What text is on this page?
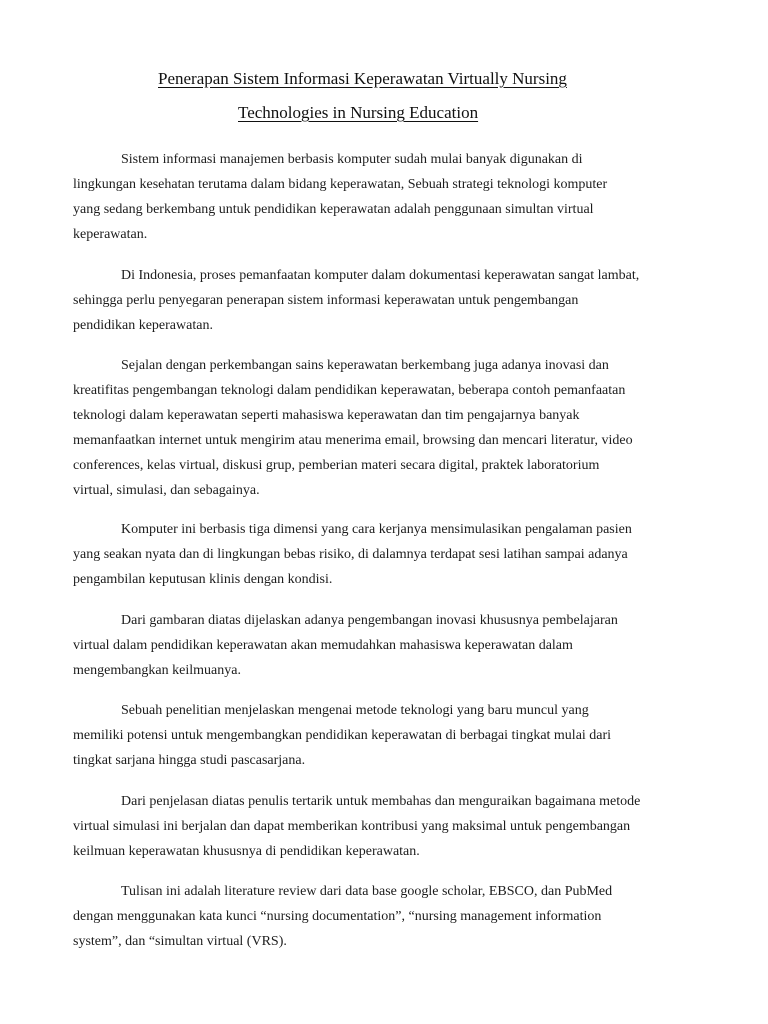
Penerapan Sistem Informasi Keperawatan Virtually Nursing
Technologies in Nursing Education
Sistem informasi manajemen berbasis komputer sudah mulai banyak digunakan di
lingkungan kesehatan terutama dalam bidang keperawatan, Sebuah strategi teknologi komputer
yang sedang berkembang untuk pendidikan keperawatan adalah penggunaan simultan virtual
keperawatan.
Di Indonesia, proses pemanfaatan komputer dalam dokumentasi keperawatan sangat lambat,
sehingga perlu penyegaran penerapan sistem informasi keperawatan untuk pengembangan
pendidikan keperawatan.
Sejalan dengan perkembangan sains keperawatan berkembang juga adanya inovasi dan
kreatifitas pengembangan teknologi dalam pendidikan keperawatan, beberapa contoh pemanfaatan
teknologi dalam keperawatan seperti mahasiswa keperawatan dan tim pengajarnya banyak
memanfaatkan internet untuk mengirim atau menerima email, browsing dan mencari literatur, video
conferences, kelas virtual, diskusi grup, pemberian materi secara digital, praktek laboratorium
virtual, simulasi, dan sebagainya.
Komputer ini berbasis tiga dimensi yang cara kerjanya mensimulasikan pengalaman pasien
yang seakan nyata dan di lingkungan bebas risiko, di dalamnya terdapat sesi latihan sampai adanya
pengambilan keputusan klinis dengan kondisi.
Dari gambaran diatas dijelaskan adanya pengembangan inovasi khususnya pembelajaran
virtual dalam pendidikan keperawatan akan memudahkan mahasiswa keperawatan dalam
mengembangkan keilmuanya.
Sebuah penelitian menjelaskan mengenai metode teknologi yang baru muncul yang
memiliki potensi untuk mengembangkan pendidikan keperawatan di berbagai tingkat mulai dari
tingkat sarjana hingga studi pascasarjana.
Dari penjelasan diatas penulis tertarik untuk membahas dan menguraikan bagaimana metode
virtual simulasi ini berjalan dan dapat memberikan kontribusi yang maksimal untuk pengembangan
keilmuan keperawatan khususnya di pendidikan keperawatan.
Tulisan ini adalah literature review dari data base google scholar, EBSCO, dan PubMed
dengan menggunakan kata kunci “nursing documentation”, “nursing management information
system”, dan “simultan virtual (VRS).
